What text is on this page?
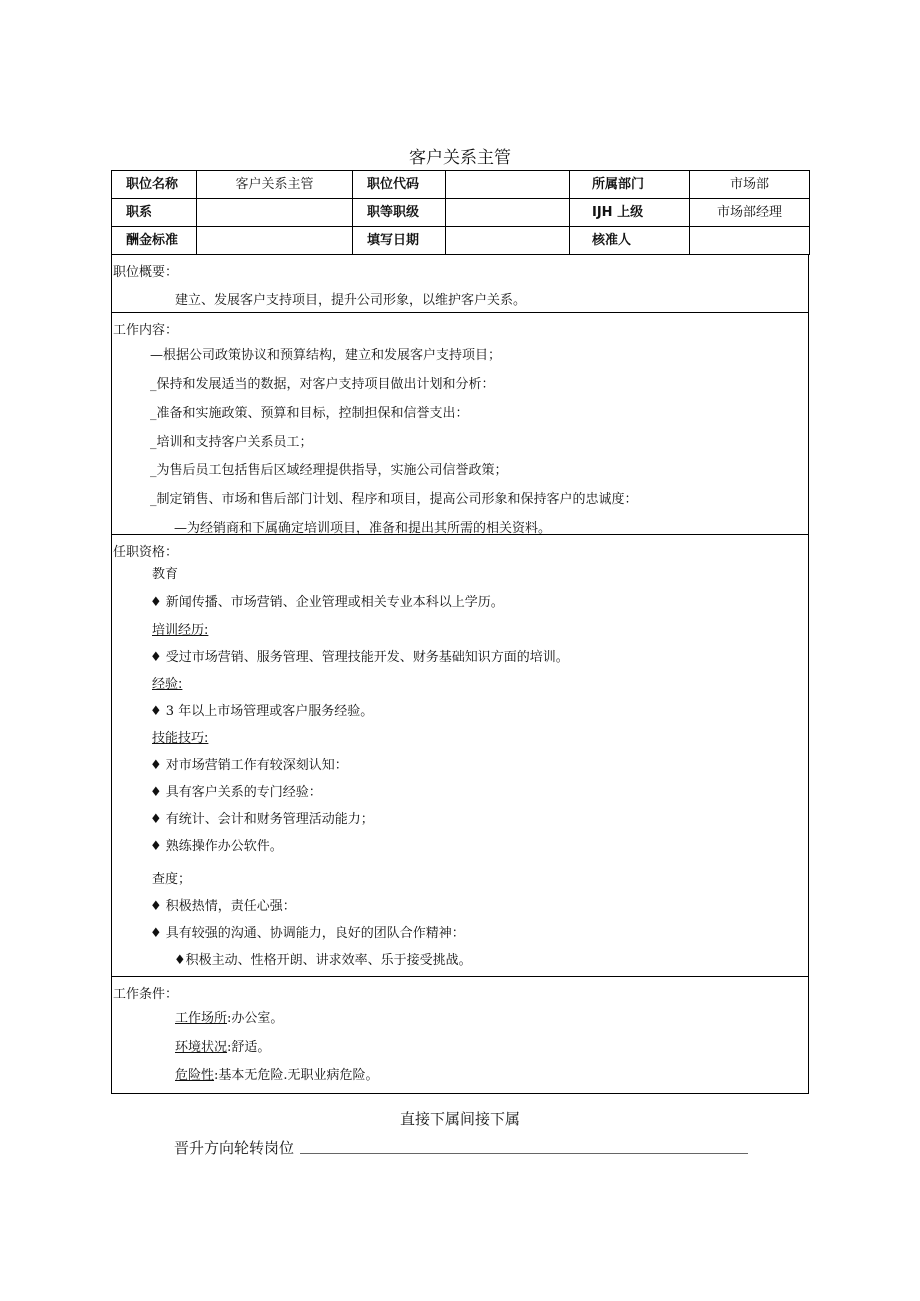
客户关系主管
职位名称	客户关系主管	职位代码		所属部门	市场部
职系		职等职级		IJH 上级	市场部经理
酬金标准		填写日期		核准人	
职位概要：
建立、发展客户支持项目，提升公司形象，以维护客户关系。
工作内容：
—根据公司政策协议和预算结构，建立和发展客户支持项目；
_保持和发展适当的数据，对客户支持项目做出计划和分析：
_准备和实施政策、预算和目标，控制担保和信誉支出：
_培训和支持客户关系员工；
_为售后员工包括售后区域经理提供指导，实施公司信誉政策；
_制定销售、市场和售后部门计划、程序和项目，提高公司形象和保持客户的忠诚度：
—为经销商和下属确定培训项目，准备和提出其所需的相关资料。
任职资格：
教育
♦ 新闻传播、市场营销、企业管理或相关专业本科以上学历。
培训经历:
♦ 受过市场营销、服务管理、管理技能开发、财务基础知识方面的培训。
经验:
♦ 3 年以上市场管理或客户服务经验。
技能技巧:
♦ 对市场营销工作有较深刻认知：
♦ 具有客户关系的专门经验：
♦ 有统计、会计和财务管理活动能力；
♦ 熟练操作办公软件。
查度；
♦ 积极热情，责任心强：
♦ 具有较强的沟通、协调能力，良好的团队合作精神：
♦积极主动、性格开朗、讲求效率、乐于接受挑战。
工作条件：
工作场所:办公室。
环境状况:舒适。
危险性:基本无危险.无职业病危险。
直接下属间接下属
晋升方向轮转岗位
